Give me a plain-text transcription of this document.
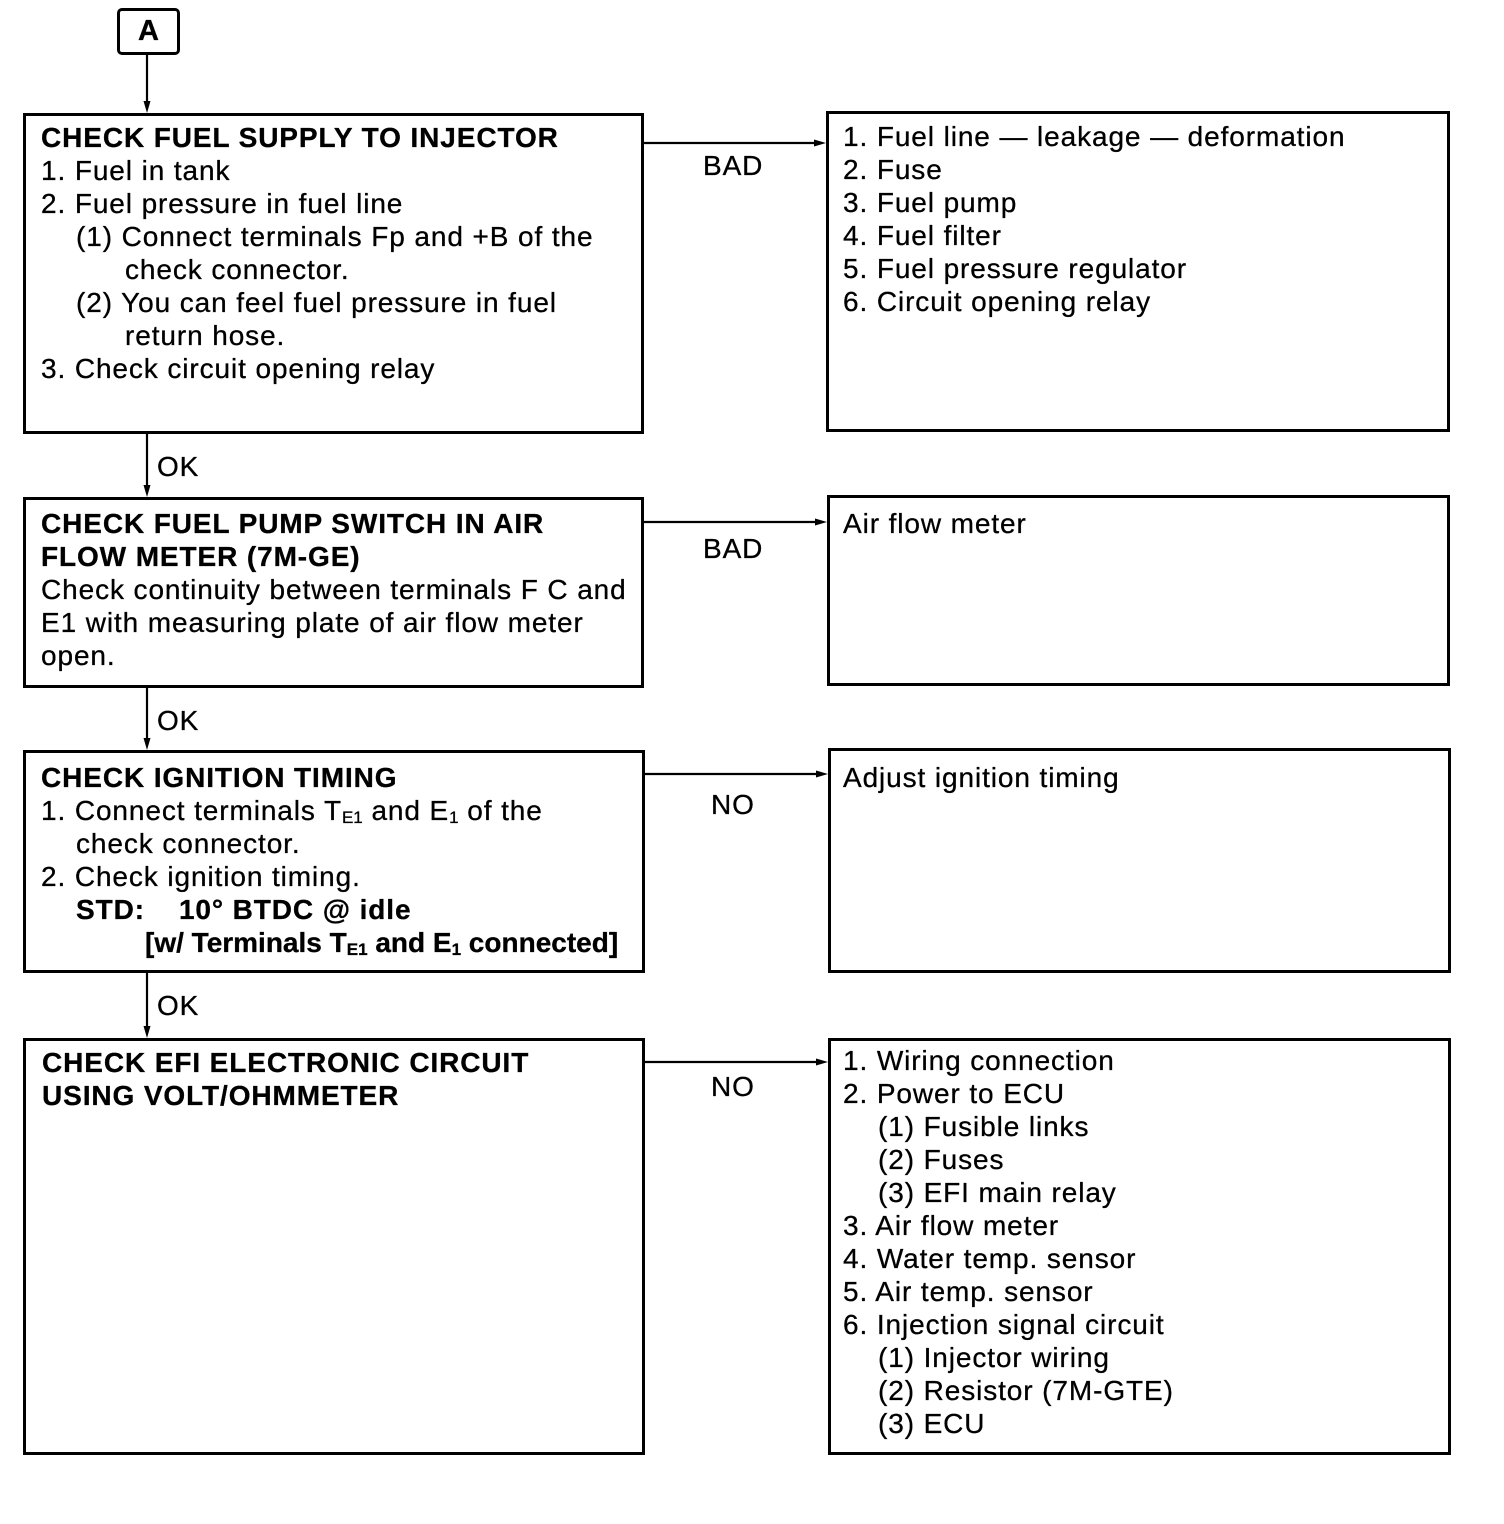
A
CHECK FUEL SUPPLY TO INJECTOR
1. Fuel in tank
2. Fuel pressure in fuel line
(1) Connect terminals Fp and +B of the
check connector.
(2) You can feel fuel pressure in fuel
return hose.
3. Check circuit opening relay
1. Fuel line — leakage — deformation
2. Fuse
3. Fuel pump
4. Fuel filter
5. Fuel pressure regulator
6. Circuit opening relay
BAD
OK
CHECK FUEL PUMP SWITCH IN AIR
FLOW METER (7M-GE)
Check continuity between terminals F C and
E1 with measuring plate of air flow meter
open.
Air flow meter
BAD
OK
CHECK IGNITION TIMING
1. Connect terminals TE1 and E1 of the
check connector.
2. Check ignition timing.
STD: 10° BTDC @ idle
[w/ Terminals TE1 and E1 connected]
Adjust ignition timing
NO
OK
CHECK EFI ELECTRONIC CIRCUIT
USING VOLT/OHMMETER
1. Wiring connection
2. Power to ECU
(1) Fusible links
(2) Fuses
(3) EFI main relay
3. Air flow meter
4. Water temp. sensor
5. Air temp. sensor
6. Injection signal circuit
(1) Injector wiring
(2) Resistor (7M-GTE)
(3) ECU
NO
